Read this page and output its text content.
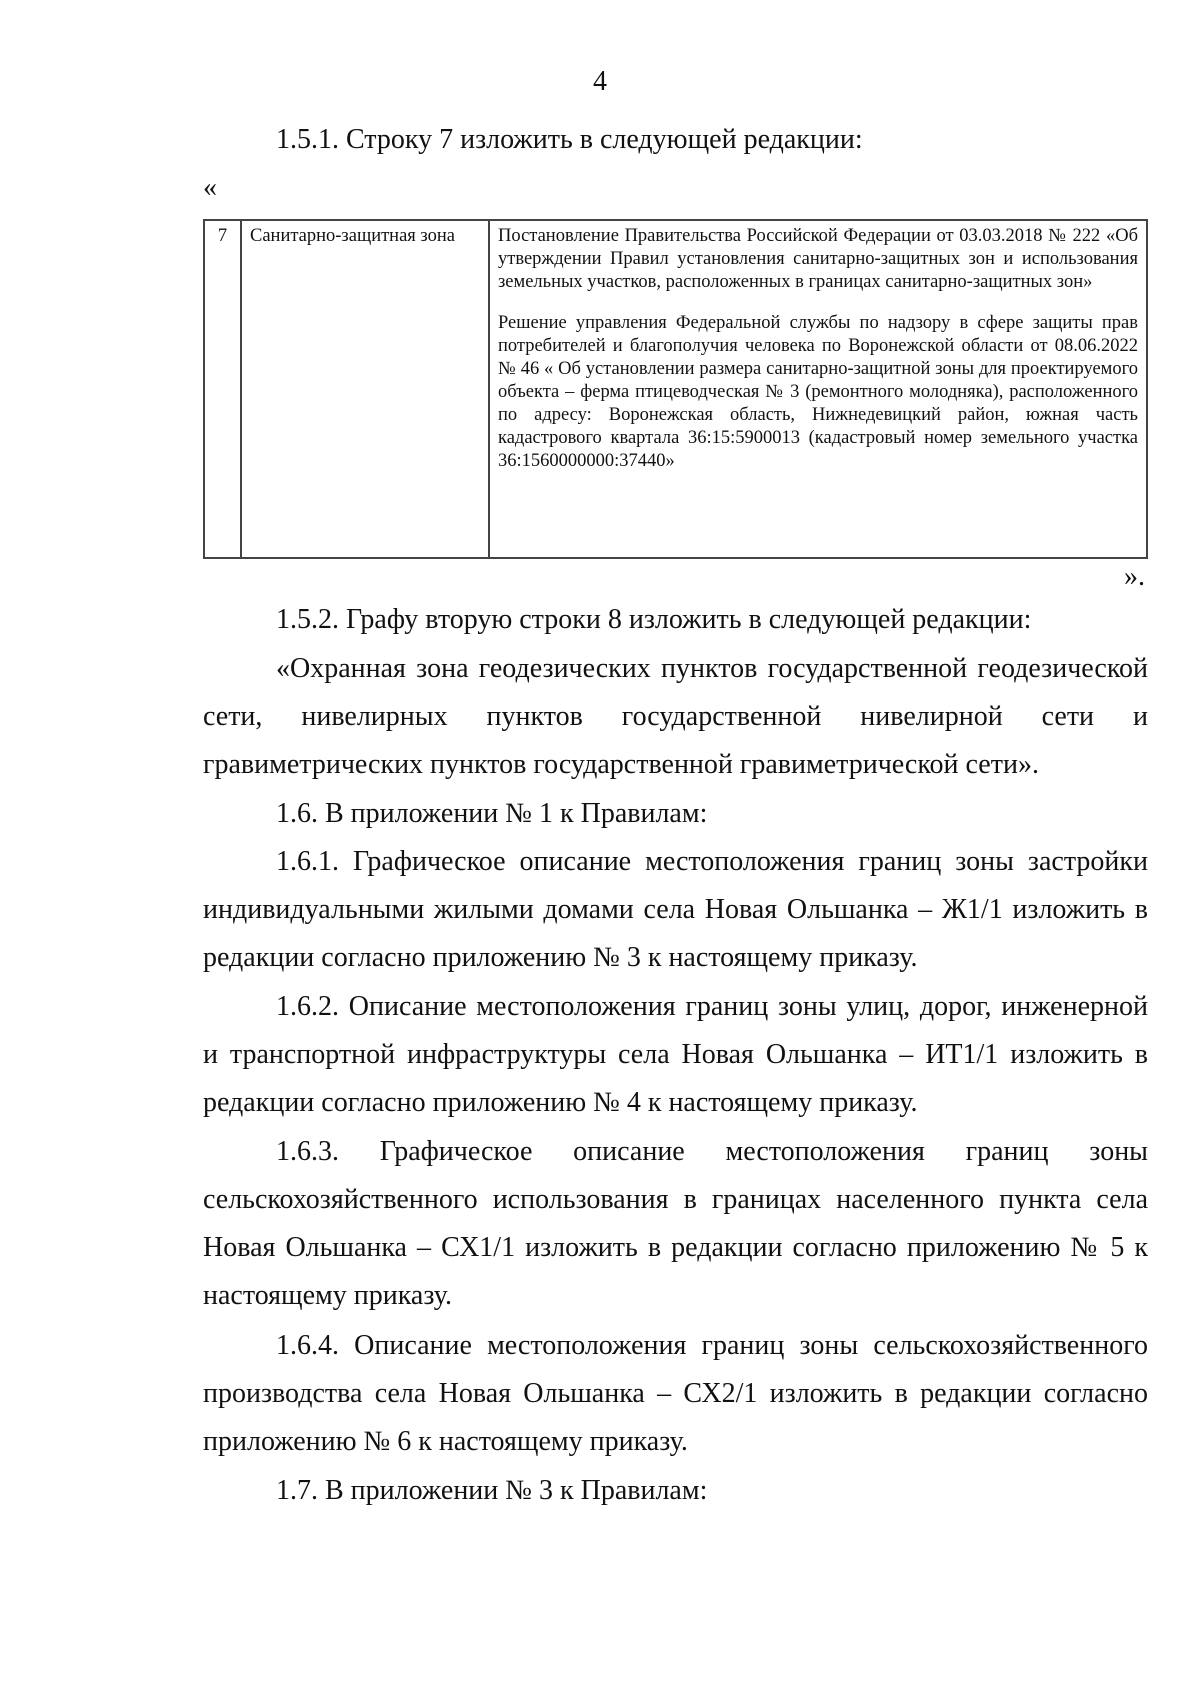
4
1.5.1. Строку 7 изложить в следующей редакции:
«
7	Санитарно-защитная зона	Постановление Правительства Российской Федерации от 03.03.2018 № 222 «Об утверждении Правил установления санитарно-защитных зон и использования земельных участков, расположенных в границах санитарно-защитных зон»

Решение управления Федеральной службы по надзору в сфере защиты прав потребителей и благополучия человека по Воронежской области от 08.06.2022 № 46 « Об установлении размера санитарно-защитной зоны для проектируемого объекта – ферма птицеводческая № 3 (ремонтного молодняка), расположенного по адресу: Воронежская область, Нижнедевицкий район, южная часть кадастрового квартала 36:15:5900013 (кадастровый номер земельного участка 36:1560000000:37440»

».
1.5.2. Графу вторую строки 8 изложить в следующей редакции:
«Охранная зона геодезических пунктов государственной геодезической сети, нивелирных пунктов государственной нивелирной сети и гравиметрических пунктов государственной гравиметрической сети».
1.6. В приложении № 1 к Правилам:
1.6.1. Графическое описание местоположения границ зоны застройки индивидуальными жилыми домами села Новая Ольшанка – Ж1/1 изложить в редакции согласно приложению № 3 к настоящему приказу.
1.6.2. Описание местоположения границ зоны улиц, дорог, инженерной и транспортной инфраструктуры села Новая Ольшанка – ИТ1/1 изложить в редакции согласно приложению № 4 к настоящему приказу.
1.6.3. Графическое описание местоположения границ зоны сельскохозяйственного использования в границах населенного пункта села Новая Ольшанка – СХ1/1 изложить в редакции согласно приложению № 5 к настоящему приказу.
1.6.4. Описание местоположения границ зоны сельскохозяйственного производства села Новая Ольшанка – СХ2/1 изложить в редакции согласно приложению № 6 к настоящему приказу.
1.7. В приложении № 3 к Правилам:
